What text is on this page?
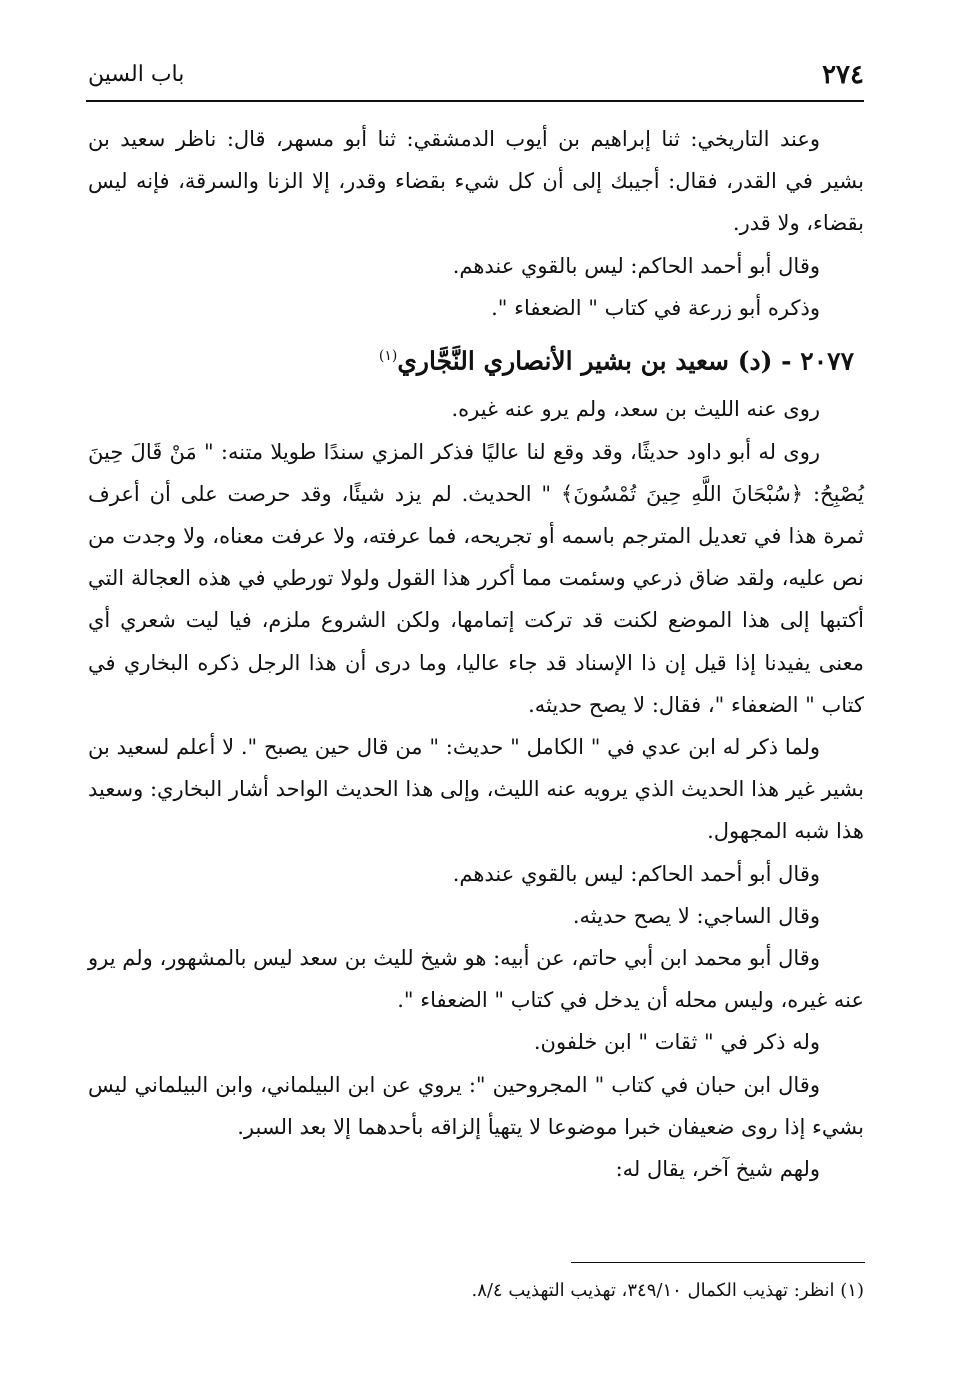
٢٧٤
باب السين

وعند التاريخي: ثنا إبراهيم بن أيوب الدمشقي: ثنا أبو مسهر، قال: ناظر سعيد بن بشير في القدر، فقال: أجيبك إلى أن كل شيء بقضاء وقدر، إلا الزنا والسرقة، فإنه ليس بقضاء، ولا قدر.

وقال أبو أحمد الحاكم: ليس بالقوي عندهم.

وذكره أبو زرعة في كتاب " الضعفاء ".

٢٠٧٧ - (د) سعيد بن بشير الأنصاري النَّجَّاري$^{(١)}$

روى عنه الليث بن سعد، ولم يرو عنه غيره.

روى له أبو داود حديثًا، وقد وقع لنا عاليًا فذكر المزي سندًا طويلا متنه: " مَنْ قَالَ حِينَ يُصْبِحُ: ﴿سُبْحَانَ اللَّهِ حِينَ تُمْسُونَ﴾ " الحديث. لم يزد شيئًا، وقد حرصت على أن أعرف ثمرة هذا في تعديل المترجم باسمه أو تجريحه، فما عرفته، ولا عرفت معناه، ولا وجدت من نص عليه، ولقد ضاق ذرعي وسئمت مما أكرر هذا القول ولولا تورطي في هذه العجالة التي أكتبها إلى هذا الموضع لكنت قد تركت إتمامها، ولكن الشروع ملزم، فيا ليت شعري أي معنى يفيدنا إذا قيل إن ذا الإسناد قد جاء عاليا، وما درى أن هذا الرجل ذكره البخاري في كتاب " الضعفاء "، فقال: لا يصح حديثه.

ولما ذكر له ابن عدي في " الكامل " حديث: " من قال حين يصبح ". لا أعلم لسعيد بن بشير غير هذا الحديث الذي يرويه عنه الليث، وإلى هذا الحديث الواحد أشار البخاري: وسعيد هذا شبه المجهول.

وقال أبو أحمد الحاكم: ليس بالقوي عندهم.

وقال الساجي: لا يصح حديثه.

وقال أبو محمد ابن أبي حاتم، عن أبيه: هو شيخ لليث بن سعد ليس بالمشهور، ولم يرو عنه غيره، وليس محله أن يدخل في كتاب " الضعفاء ".

وله ذكر في " ثقات " ابن خلفون.

وقال ابن حبان في كتاب " المجروحين ": يروي عن ابن البيلماني، وابن البيلماني ليس بشيء إذا روى ضعيفان خبرا موضوعا لا يتهيأ إلزاقه بأحدهما إلا بعد السبر.

ولهم شيخ آخر، يقال له:

(١) انظر: تهذيب الكمال ٣٤٩/١٠، تهذيب التهذيب ٨/٤.
